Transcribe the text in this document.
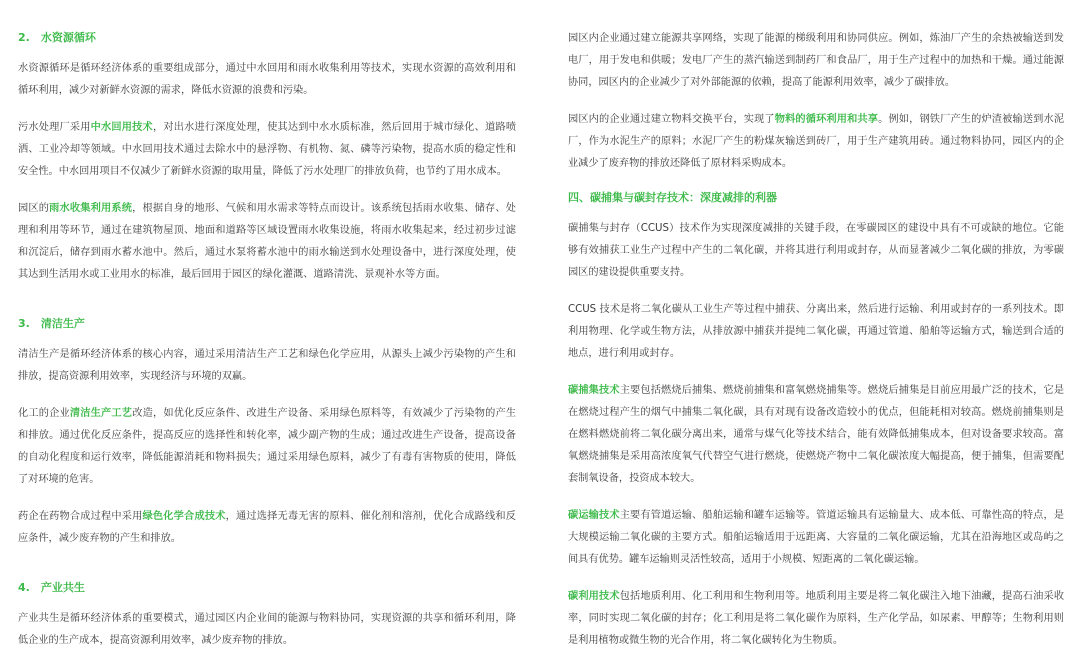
2.　水资源循环
水资源循环是循环经济体系的重要组成部分，通过中水回用和雨水收集利用等技术，实现水资源的高效利用和循环利用，减少对新鲜水资源的需求，降低水资源的浪费和污染。
污水处理厂采用中水回用技术，对出水进行深度处理，使其达到中水水质标准，然后回用于城市绿化、道路喷洒、工业冷却等领域。中水回用技术通过去除水中的悬浮物、有机物、氮、磷等污染物，提高水质的稳定性和安全性。中水回用项目不仅减少了新鲜水资源的取用量，降低了污水处理厂的排放负荷，也节约了用水成本。
园区的雨水收集利用系统，根据自身的地形、气候和用水需求等特点而设计。该系统包括雨水收集、储存、处理和利用等环节，通过在建筑物屋顶、地面和道路等区域设置雨水收集设施，将雨水收集起来，经过初步过滤和沉淀后，储存到雨水蓄水池中。然后，通过水泵将蓄水池中的雨水输送到水处理设备中，进行深度处理，使其达到生活用水或工业用水的标准，最后回用于园区的绿化灌溉、道路清洗、景观补水等方面。
3.　清洁生产
清洁生产是循环经济体系的核心内容，通过采用清洁生产工艺和绿色化学应用，从源头上减少污染物的产生和排放，提高资源利用效率，实现经济与环境的双赢。
化工的企业清洁生产工艺改造，如优化反应条件、改进生产设备、采用绿色原料等，有效减少了污染物的产生和排放。通过优化反应条件，提高反应的选择性和转化率，减少副产物的生成；通过改进生产设备，提高设备的自动化程度和运行效率，降低能源消耗和物料损失；通过采用绿色原料，减少了有毒有害物质的使用，降低了对环境的危害。
药企在药物合成过程中采用绿色化学合成技术，通过选择无毒无害的原料、催化剂和溶剂，优化合成路线和反应条件，减少废弃物的产生和排放。
4.　产业共生
产业共生是循环经济体系的重要模式，通过园区内企业间的能源与物料协同，实现资源的共享和循环利用，降低企业的生产成本，提高资源利用效率，减少废弃物的排放。
园区内企业通过建立能源共享网络，实现了能源的梯级利用和协同供应。例如，炼油厂产生的余热被输送到发电厂，用于发电和供暖；发电厂产生的蒸汽输送到制药厂和食品厂，用于生产过程中的加热和干燥。通过能源协同，园区内的企业减少了对外部能源的依赖，提高了能源利用效率，减少了碳排放。
园区内的企业通过建立物料交换平台，实现了物料的循环利用和共享。例如，钢铁厂产生的炉渣被输送到水泥厂，作为水泥生产的原料；水泥厂产生的粉煤灰输送到砖厂，用于生产建筑用砖。通过物料协同，园区内的企业减少了废弃物的排放还降低了原材料采购成本。
四、碳捕集与碳封存技术：深度减排的利器
碳捕集与封存（CCUS）技术作为实现深度减排的关键手段，在零碳园区的建设中具有不可或缺的地位。它能够有效捕获工业生产过程中产生的二氧化碳，并将其进行利用或封存，从而显著减少二氧化碳的排放，为零碳园区的建设提供重要支持。
CCUS 技术是将二氧化碳从工业生产等过程中捕获、分离出来，然后进行运输、利用或封存的一系列技术。即利用物理、化学或生物方法，从排放源中捕获并提纯二氧化碳，再通过管道、船舶等运输方式，输送到合适的地点，进行利用或封存。
碳捕集技术主要包括燃烧后捕集、燃烧前捕集和富氧燃烧捕集等。燃烧后捕集是目前应用最广泛的技术，它是在燃烧过程产生的烟气中捕集二氧化碳，具有对现有设备改造较小的优点，但能耗相对较高。燃烧前捕集则是在燃料燃烧前将二氧化碳分离出来，通常与煤气化等技术结合，能有效降低捕集成本，但对设备要求较高。富氧燃烧捕集是采用高浓度氧气代替空气进行燃烧，使燃烧产物中二氧化碳浓度大幅提高，便于捕集，但需要配套制氧设备，投资成本较大。
碳运输技术主要有管道运输、船舶运输和罐车运输等。管道运输具有运输量大、成本低、可靠性高的特点，是大规模运输二氧化碳的主要方式。船舶运输适用于远距离、大容量的二氧化碳运输，尤其在沿海地区或岛屿之间具有优势。罐车运输则灵活性较高，适用于小规模、短距离的二氧化碳运输。
碳利用技术包括地质利用、化工利用和生物利用等。地质利用主要是将二氧化碳注入地下油藏，提高石油采收率，同时实现二氧化碳的封存；化工利用是将二氧化碳作为原料，生产化学品，如尿素、甲醇等；生物利用则是利用植物或微生物的光合作用，将二氧化碳转化为生物质。
